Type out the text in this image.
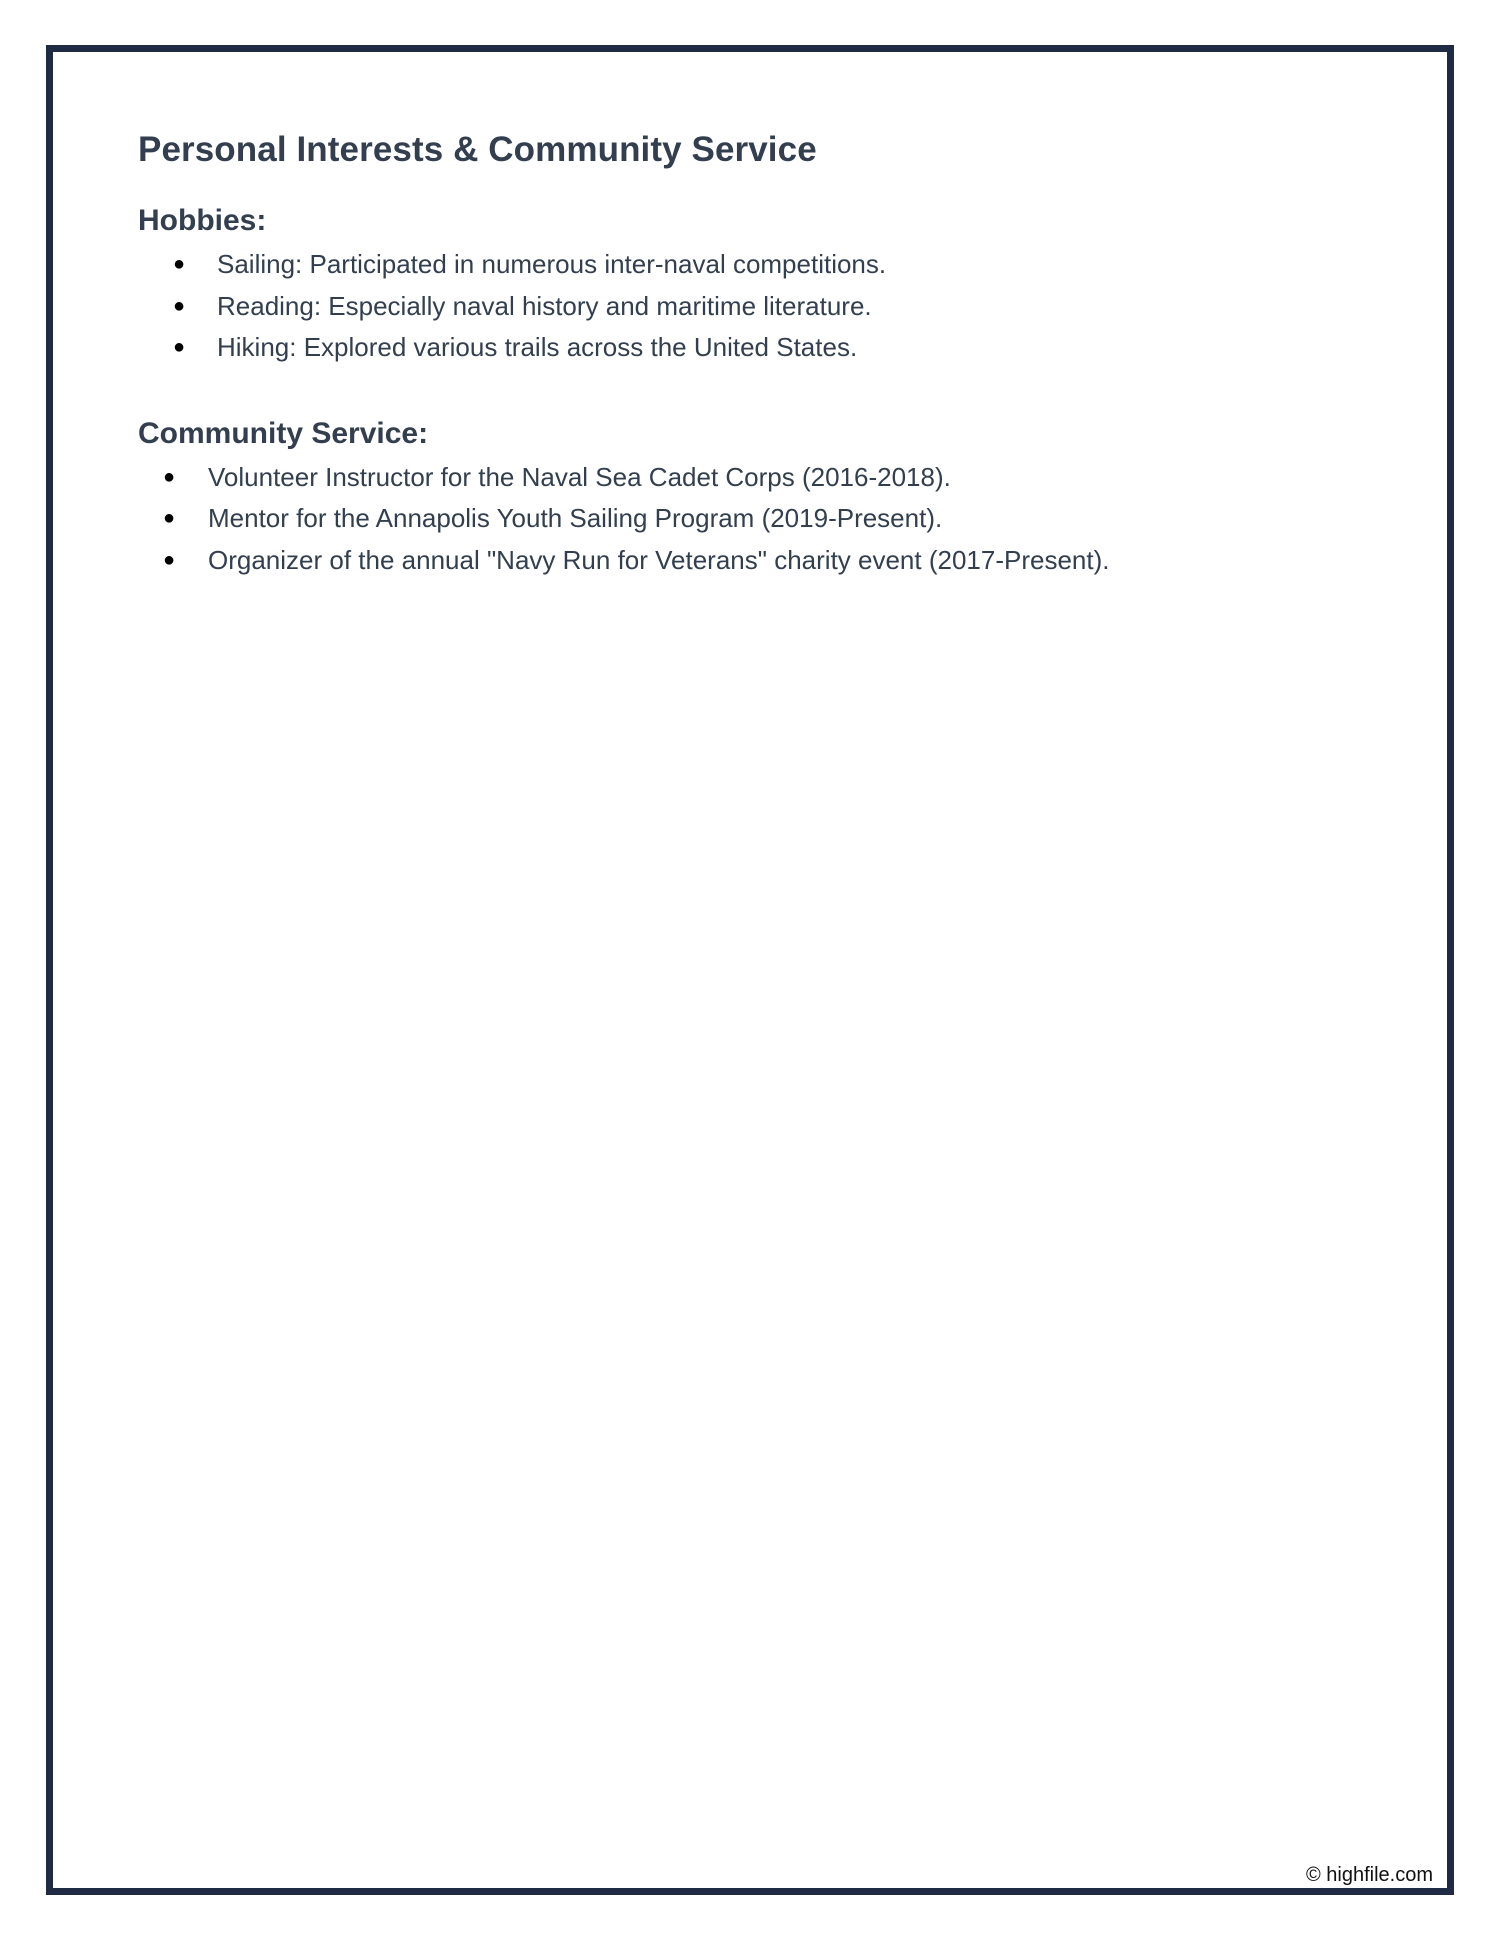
Personal Interests & Community Service
Hobbies:
● Sailing: Participated in numerous inter-naval competitions.
● Reading: Especially naval history and maritime literature.
● Hiking: Explored various trails across the United States.
Community Service:
● Volunteer Instructor for the Naval Sea Cadet Corps (2016-2018).
● Mentor for the Annapolis Youth Sailing Program (2019-Present).
● Organizer of the annual "Navy Run for Veterans" charity event (2017-Present).
© highfile.com
